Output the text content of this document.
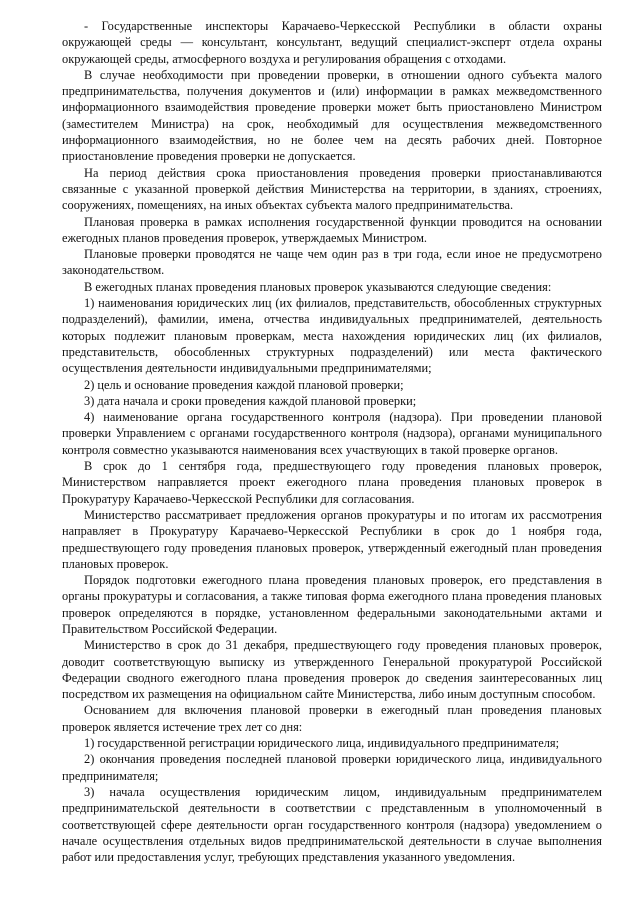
- Государственные инспекторы Карачаево-Черкесской Республики в области охраны окружающей среды — консультант, консультант, ведущий специалист-эксперт отдела охраны окружающей среды, атмосферного воздуха и регулирования обращения с отходами.

В случае необходимости при проведении проверки, в отношении одного субъекта малого предпринимательства, получения документов и (или) информации в рамках межведомственного информационного взаимодействия проведение проверки может быть приостановлено Министром (заместителем Министра) на срок, необходимый для осуществления межведомственного информационного взаимодействия, но не более чем на десять рабочих дней. Повторное приостановление проведения проверки не допускается.

На период действия срока приостановления проведения проверки приостанавливаются связанные с указанной проверкой действия Министерства на территории, в зданиях, строениях, сооружениях, помещениях, на иных объектах субъекта малого предпринимательства.

Плановая проверка в рамках исполнения государственной функции проводится на основании ежегодных планов проведения проверок, утверждаемых Министром.

Плановые проверки проводятся не чаще чем один раз в три года, если иное не предусмотрено законодательством.

В ежегодных планах проведения плановых проверок указываются следующие сведения:

1) наименования юридических лиц (их филиалов, представительств, обособленных структурных подразделений), фамилии, имена, отчества индивидуальных предпринимателей, деятельность которых подлежит плановым проверкам, места нахождения юридических лиц (их филиалов, представительств, обособленных структурных подразделений) или места фактического осуществления деятельности индивидуальными предпринимателями;

2) цель и основание проведения каждой плановой проверки;

3) дата начала и сроки проведения каждой плановой проверки;

4) наименование органа государственного контроля (надзора). При проведении плановой проверки Управлением с органами государственного контроля (надзора), органами муниципального контроля совместно указываются наименования всех участвующих в такой проверке органов.

В срок до 1 сентября года, предшествующего году проведения плановых проверок, Министерством направляется проект ежегодного плана проведения плановых проверок в Прокуратуру Карачаево-Черкесской Республики для согласования.

Министерство рассматривает предложения органов прокуратуры и по итогам их рассмотрения направляет в Прокуратуру Карачаево-Черкесской Республики в срок до 1 ноября года, предшествующего году проведения плановых проверок, утвержденный ежегодный план проведения плановых проверок.

Порядок подготовки ежегодного плана проведения плановых проверок, его представления в органы прокуратуры и согласования, а также типовая форма ежегодного плана проведения плановых проверок определяются в порядке, установленном федеральными законодательными актами и Правительством Российской Федерации.

Министерство в срок до 31 декабря, предшествующего году проведения плановых проверок, доводит соответствующую выписку из утвержденного Генеральной прокуратурой Российской Федерации сводного ежегодного плана проведения проверок до сведения заинтересованных лиц посредством их размещения на официальном сайте Министерства, либо иным доступным способом.

Основанием для включения плановой проверки в ежегодный план проведения плановых проверок является истечение трех лет со дня:

1) государственной регистрации юридического лица, индивидуального предпринимателя;

2) окончания проведения последней плановой проверки юридического лица, индивидуального предпринимателя;

3) начала осуществления юридическим лицом, индивидуальным предпринимателем предпринимательской деятельности в соответствии с представленным в уполномоченный в соответствующей сфере деятельности орган государственного контроля (надзора) уведомлением о начале осуществления отдельных видов предпринимательской деятельности в случае выполнения работ или предоставления услуг, требующих представления указанного уведомления.
